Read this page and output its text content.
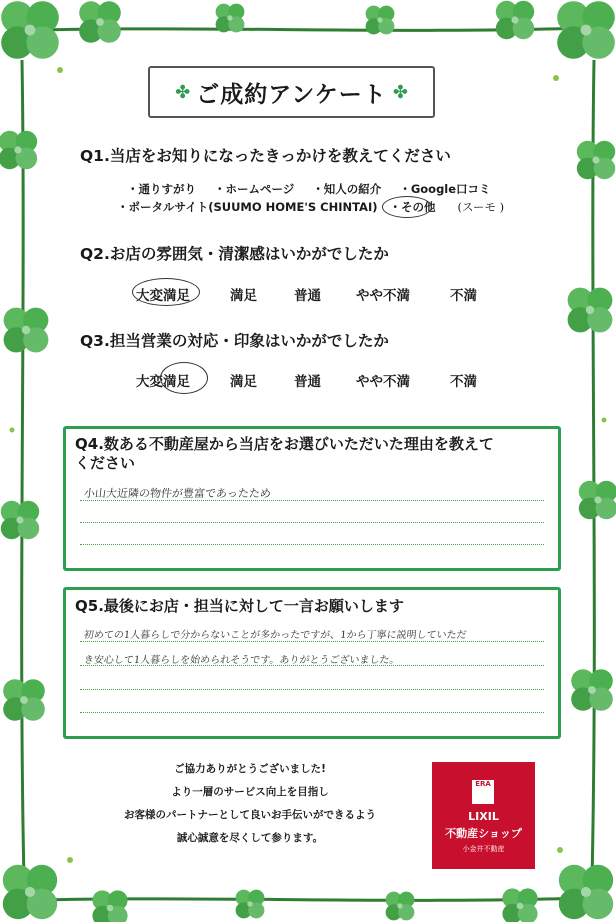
✤ ご成約アンケート ✤
Q1.当店をお知りになったきっかけを教えてください
・通りすがり ・ホームページ ・知人の紹介 ・Google口コミ
・ポータルサイト(SUUMO HOME'S CHINTAI) ・その他 (スーモ )
Q2.お店の雰囲気・清潔感はいかがでしたか
大変満足	満足	普通	やや不満	不満
Q3.担当営業の対応・印象はいかがでしたか
大変満足	満足	普通	やや不満	不満
Q4.数ある不動産屋から当店をお選びいただいた理由を教えて
ください
小山大近隣の物件が豊富であったため
Q5.最後にお店・担当に対して一言お願いします
初めての1人暮らしで分からないことが多かったですが、1から丁寧に説明していただ
き安心して1人暮らしを始められそうです。ありがとうございました。
ご協力ありがとうございました!
より一層のサービス向上を目指し
お客様のパートナーとして良いお手伝いができるよう
誠心誠意を尽くして参ります。
ERA
LIXIL
不動産ショップ
小金井不動産
